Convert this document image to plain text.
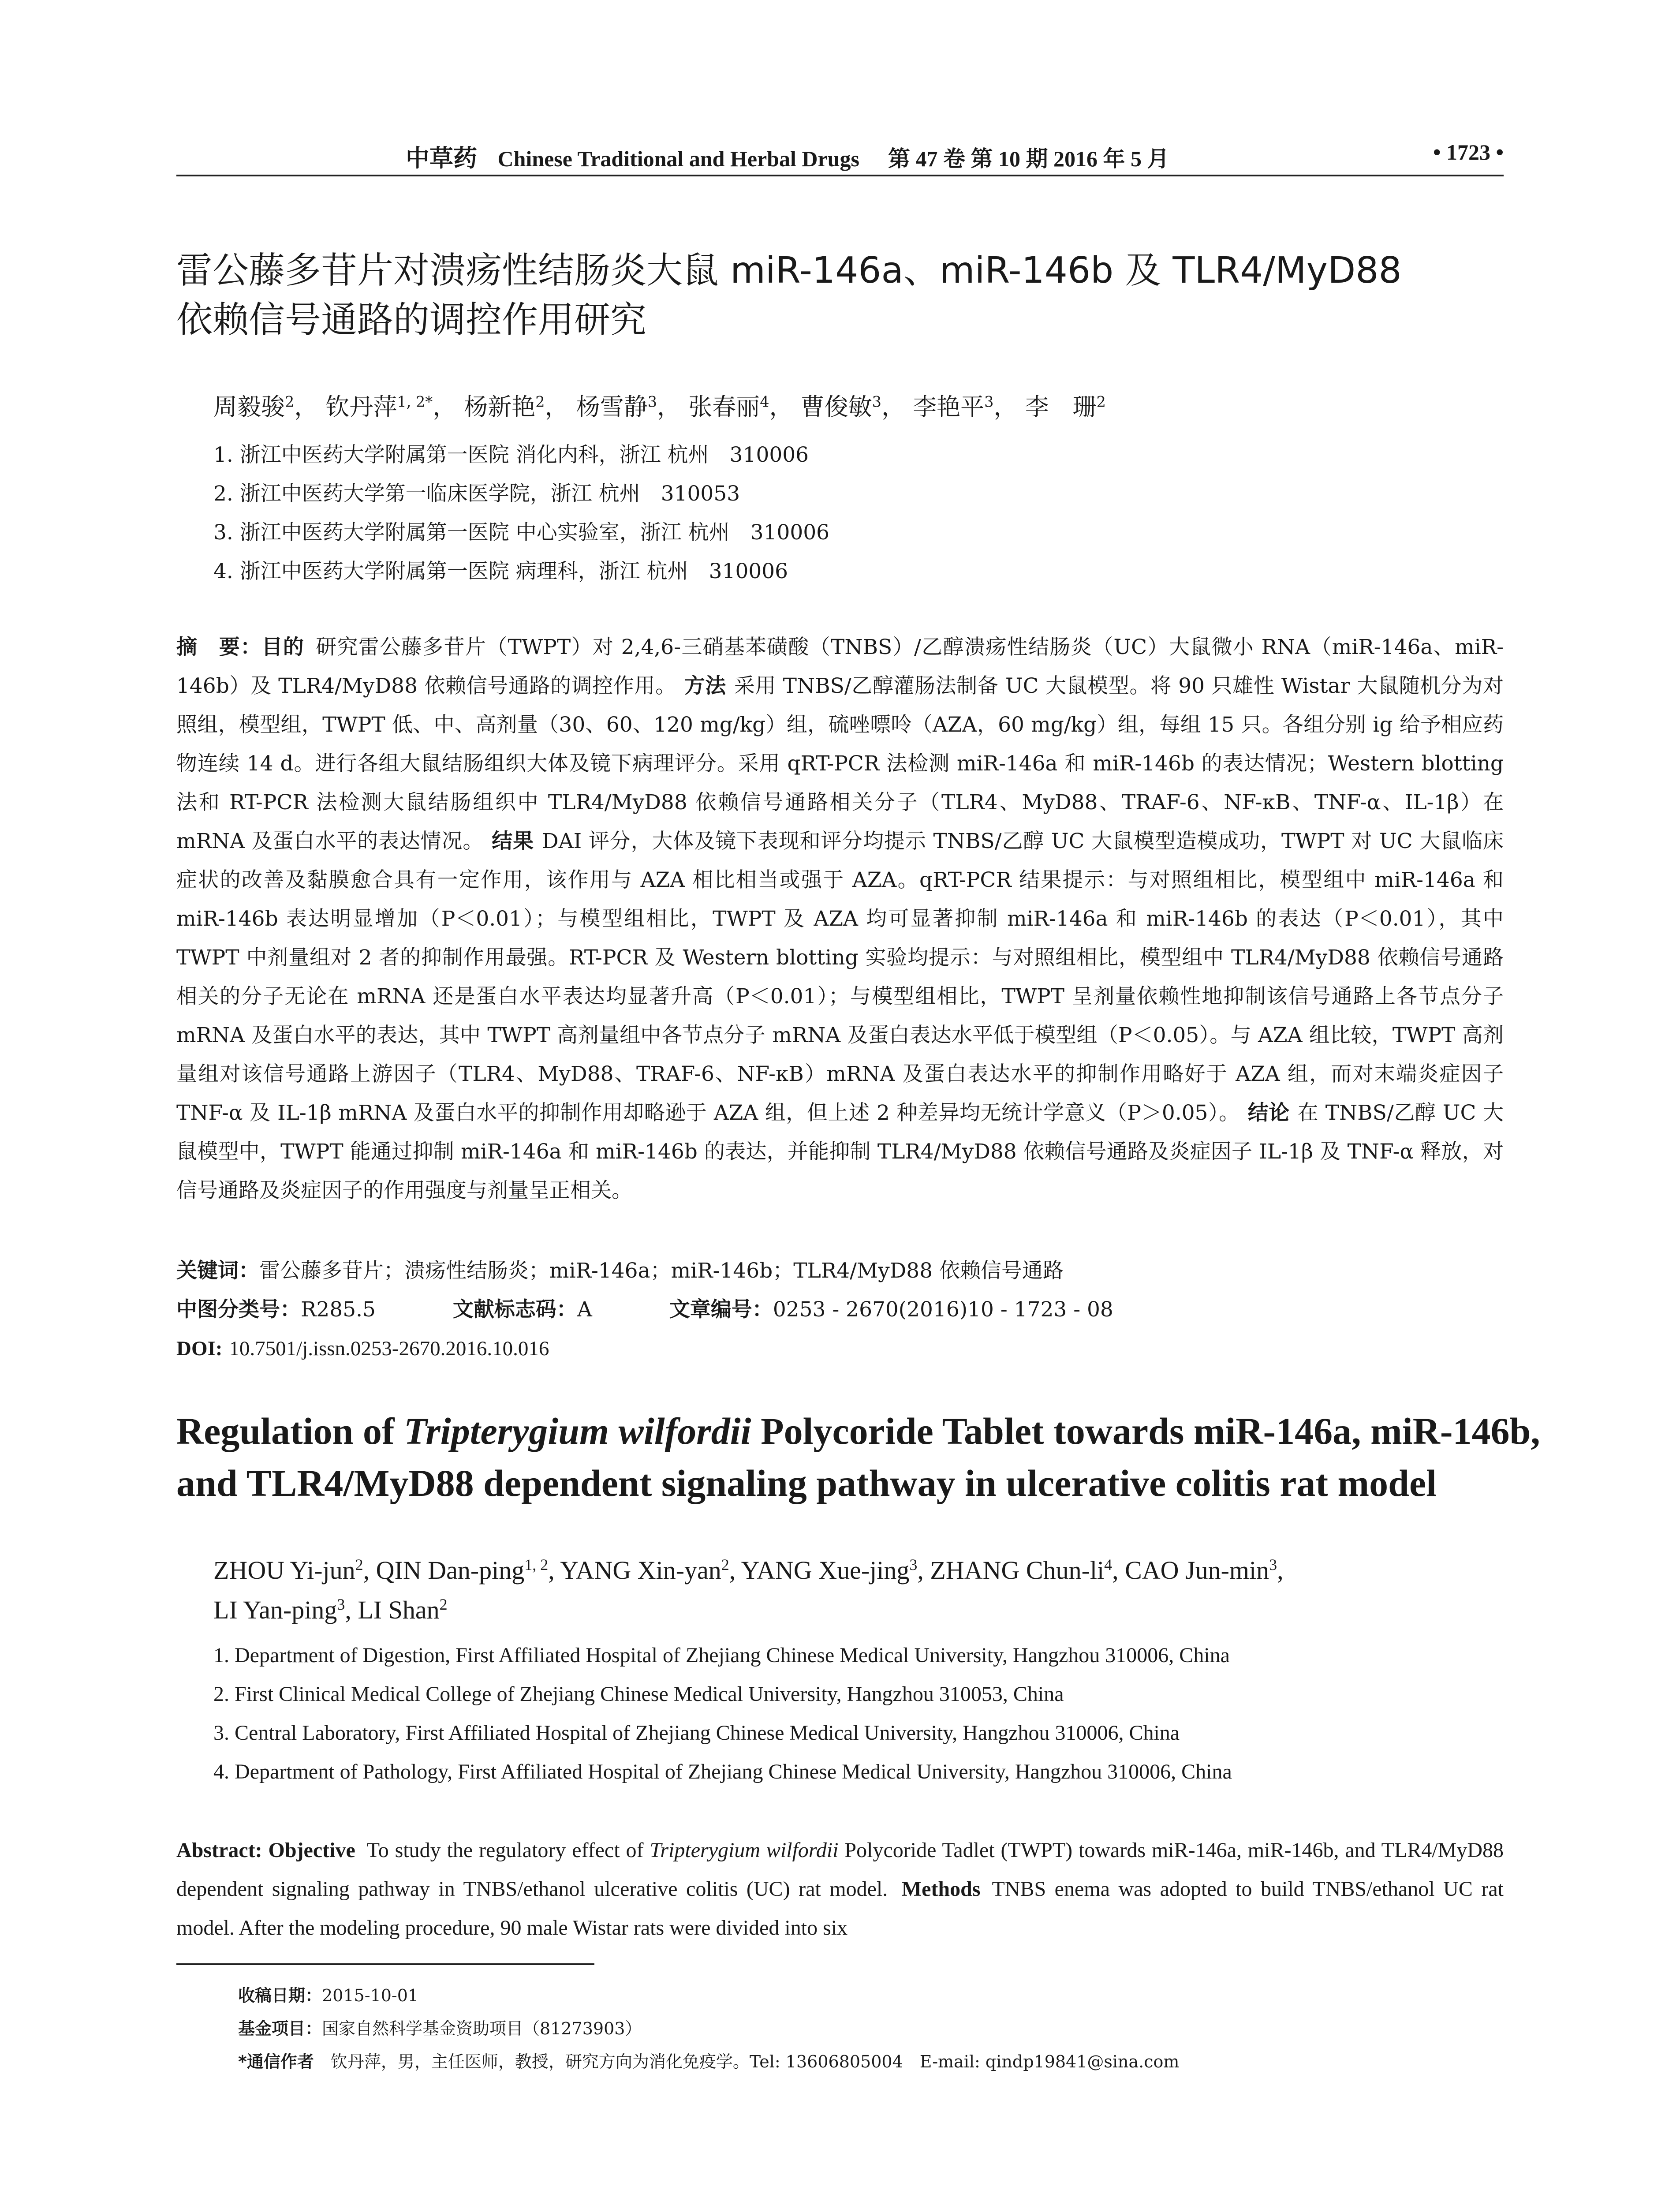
中草药 Chinese Traditional and Herbal Drugs 第 47 卷 第 10 期 2016 年 5 月	• 1723 •
雷公藤多苷片对溃疡性结肠炎大鼠 miR-146a、miR-146b 及 TLR4/MyD88
依赖信号通路的调控作用研究
周毅骏$^2$， 钦丹萍$^{1, 2*}$， 杨新艳$^2$， 杨雪静$^3$， 张春丽$^4$， 曹俊敏$^3$， 李艳平$^3$， 李　珊$^2$
1. 浙江中医药大学附属第一医院 消化内科，浙江 杭州　310006
2. 浙江中医药大学第一临床医学院，浙江 杭州　310053
3. 浙江中医药大学附属第一医院 中心实验室，浙江 杭州　310006
4. 浙江中医药大学附属第一医院 病理科，浙江 杭州　310006
摘　要：目的 研究雷公藤多苷片（TWPT）对 2,4,6-三硝基苯磺酸（TNBS）/乙醇溃疡性结肠炎（UC）大鼠微小 RNA（miR-146a、miR-146b）及 TLR4/MyD88 依赖信号通路的调控作用。 方法 采用 TNBS/乙醇灌肠法制备 UC 大鼠模型。将 90 只雄性 Wistar 大鼠随机分为对照组，模型组，TWPT 低、中、高剂量（30、60、120 mg/kg）组，硫唑嘌呤（AZA，60 mg/kg）组，每组 15 只。各组分别 ig 给予相应药物连续 14 d。进行各组大鼠结肠组织大体及镜下病理评分。采用 qRT-PCR 法检测 miR-146a 和 miR-146b 的表达情况；Western blotting 法和 RT-PCR 法检测大鼠结肠组织中 TLR4/MyD88 依赖信号通路相关分子（TLR4、MyD88、TRAF-6、NF-κB、TNF-α、IL-1β）在 mRNA 及蛋白水平的表达情况。 结果 DAI 评分，大体及镜下表现和评分均提示 TNBS/乙醇 UC 大鼠模型造模成功，TWPT 对 UC 大鼠临床症状的改善及黏膜愈合具有一定作用，该作用与 AZA 相比相当或强于 AZA。qRT-PCR 结果提示：与对照组相比，模型组中 miR-146a 和 miR-146b 表达明显增加（P＜0.01）；与模型组相比，TWPT 及 AZA 均可显著抑制 miR-146a 和 miR-146b 的表达（P＜0.01），其中 TWPT 中剂量组对 2 者的抑制作用最强。RT-PCR 及 Western blotting 实验均提示：与对照组相比，模型组中 TLR4/MyD88 依赖信号通路相关的分子无论在 mRNA 还是蛋白水平表达均显著升高（P＜0.01）；与模型组相比，TWPT 呈剂量依赖性地抑制该信号通路上各节点分子 mRNA 及蛋白水平的表达，其中 TWPT 高剂量组中各节点分子 mRNA 及蛋白表达水平低于模型组（P＜0.05）。与 AZA 组比较，TWPT 高剂量组对该信号通路上游因子（TLR4、MyD88、TRAF-6、NF-κB）mRNA 及蛋白表达水平的抑制作用略好于 AZA 组，而对末端炎症因子 TNF-α 及 IL-1β mRNA 及蛋白水平的抑制作用却略逊于 AZA 组，但上述 2 种差异均无统计学意义（P＞0.05）。 结论 在 TNBS/乙醇 UC 大鼠模型中，TWPT 能通过抑制 miR-146a 和 miR-146b 的表达，并能抑制 TLR4/MyD88 依赖信号通路及炎症因子 IL-1β 及 TNF-α 释放，对信号通路及炎症因子的作用强度与剂量呈正相关。
关键词：雷公藤多苷片；溃疡性结肠炎；miR-146a；miR-146b；TLR4/MyD88 依赖信号通路
中图分类号：R285.5	文献标志码：A	文章编号：0253 - 2670(2016)10 - 1723 - 08
DOI: 10.7501/j.issn.0253-2670.2016.10.016
Regulation of Tripterygium wilfordii Polycoride Tablet towards miR-146a, miR-146b,
and TLR4/MyD88 dependent signaling pathway in ulcerative colitis rat model
ZHOU Yi-jun$^2$, QIN Dan-ping$^{1, 2}$, YANG Xin-yan$^2$, YANG Xue-jing$^3$, ZHANG Chun-$li^4$, CAO Jun-$\min^3$,
LI Yan-ping$^3$, LI Shan$^2$
1. Department of Digestion, First Affiliated Hospital of Zhejiang Chinese Medical University, Hangzhou 310006, China
2. First Clinical Medical College of Zhejiang Chinese Medical University, Hangzhou 310053, China
3. Central Laboratory, First Affiliated Hospital of Zhejiang Chinese Medical University, Hangzhou 310006, China
4. Department of Pathology, First Affiliated Hospital of Zhejiang Chinese Medical University, Hangzhou 310006, China
Abstract: Objective To study the regulatory effect of Tripterygium wilfordii Polycoride Tadlet (TWPT) towards miR-146a, miR-146b, and TLR4/MyD88 dependent signaling pathway in TNBS/ethanol ulcerative colitis (UC) rat model. Methods TNBS enema was adopted to build TNBS/ethanol UC rat model. After the modeling procedure, 90 male Wistar rats were divided into six
收稿日期：2015-10-01
基金项目：国家自然科学基金资助项目（81273903）
*通信作者　 钦丹萍，男，主任医师，教授，研究方向为消化免疫学。Tel: 13606805004　E-mail: qindp19841@sina.com
